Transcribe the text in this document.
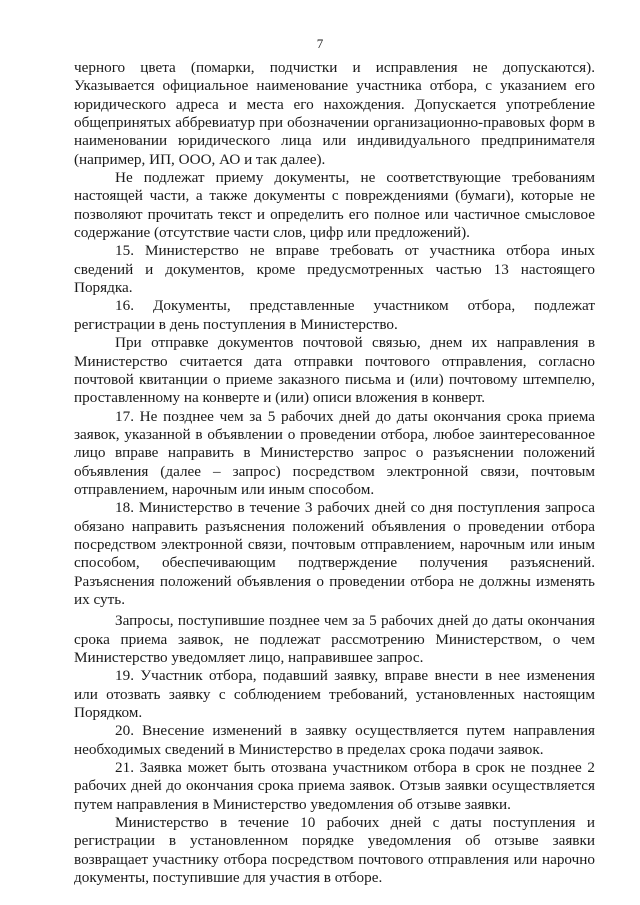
7

черного цвета (помарки, подчистки и исправления не допускаются). Указывается официальное наименование участника отбора, с указанием его юридического адреса и места его нахождения. Допускается употребление общепринятых аббревиатур при обозначении организационно-правовых форм в наименовании юридического лица или индивидуального предпринимателя (например, ИП, ООО, АО и так далее).

Не подлежат приему документы, не соответствующие требованиям настоящей части, а также документы с повреждениями (бумаги), которые не позволяют прочитать текст и определить его полное или частичное смысловое содержание (отсутствие части слов, цифр или предложений).

15. Министерство не вправе требовать от участника отбора иных сведений и документов, кроме предусмотренных частью 13 настоящего Порядка.

16. Документы, представленные участником отбора, подлежат регистрации в день поступления в Министерство.

При отправке документов почтовой связью, днем их направления в Министерство считается дата отправки почтового отправления, согласно почтовой квитанции о приеме заказного письма и (или) почтовому штемпелю, проставленному на конверте и (или) описи вложения в конверт.

17. Не позднее чем за 5 рабочих дней до даты окончания срока приема заявок, указанной в объявлении о проведении отбора, любое заинтересованное лицо вправе направить в Министерство запрос о разъяснении положений объявления (далее – запрос) посредством электронной связи, почтовым отправлением, нарочным или иным способом.

18. Министерство в течение 3 рабочих дней со дня поступления запроса обязано направить разъяснения положений объявления о проведении отбора посредством электронной связи, почтовым отправлением, нарочным или иным способом, обеспечивающим подтверждение получения разъяснений. Разъяснения положений объявления о проведении отбора не должны изменять их суть.

Запросы, поступившие позднее чем за 5 рабочих дней до даты окончания срока приема заявок, не подлежат рассмотрению Министерством, о чем Министерство уведомляет лицо, направившее запрос.

19. Участник отбора, подавший заявку, вправе внести в нее изменения или отозвать заявку с соблюдением требований, установленных настоящим Порядком.

20. Внесение изменений в заявку осуществляется путем направления необходимых сведений в Министерство в пределах срока подачи заявок.

21. Заявка может быть отозвана участником отбора в срок не позднее 2 рабочих дней до окончания срока приема заявок. Отзыв заявки осуществляется путем направления в Министерство уведомления об отзыве заявки.

Министерство в течение 10 рабочих дней с даты поступления и регистрации в установленном порядке уведомления об отзыве заявки возвращает участнику отбора посредством почтового отправления или нарочно документы, поступившие для участия в отборе.
